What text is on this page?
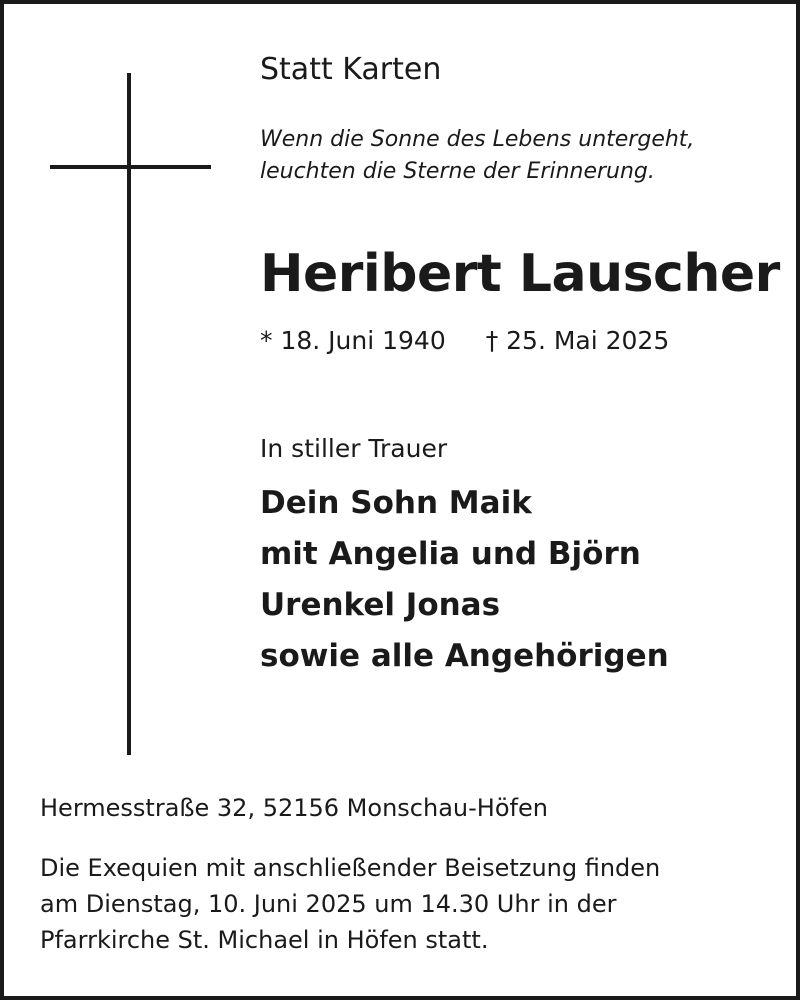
Statt Karten
Wenn die Sonne des Lebens untergeht,
leuchten die Sterne der Erinnerung.
Heribert Lauscher
* 18. Juni 1940 † 25. Mai 2025
In stiller Trauer
Dein Sohn Maik
mit Angelia und Björn
Urenkel Jonas
sowie alle Angehörigen
Hermesstraße 32, 52156 Monschau-Höfen
Die Exequien mit anschließender Beisetzung finden
am Dienstag, 10. Juni 2025 um 14.30 Uhr in der
Pfarrkirche St. Michael in Höfen statt.
